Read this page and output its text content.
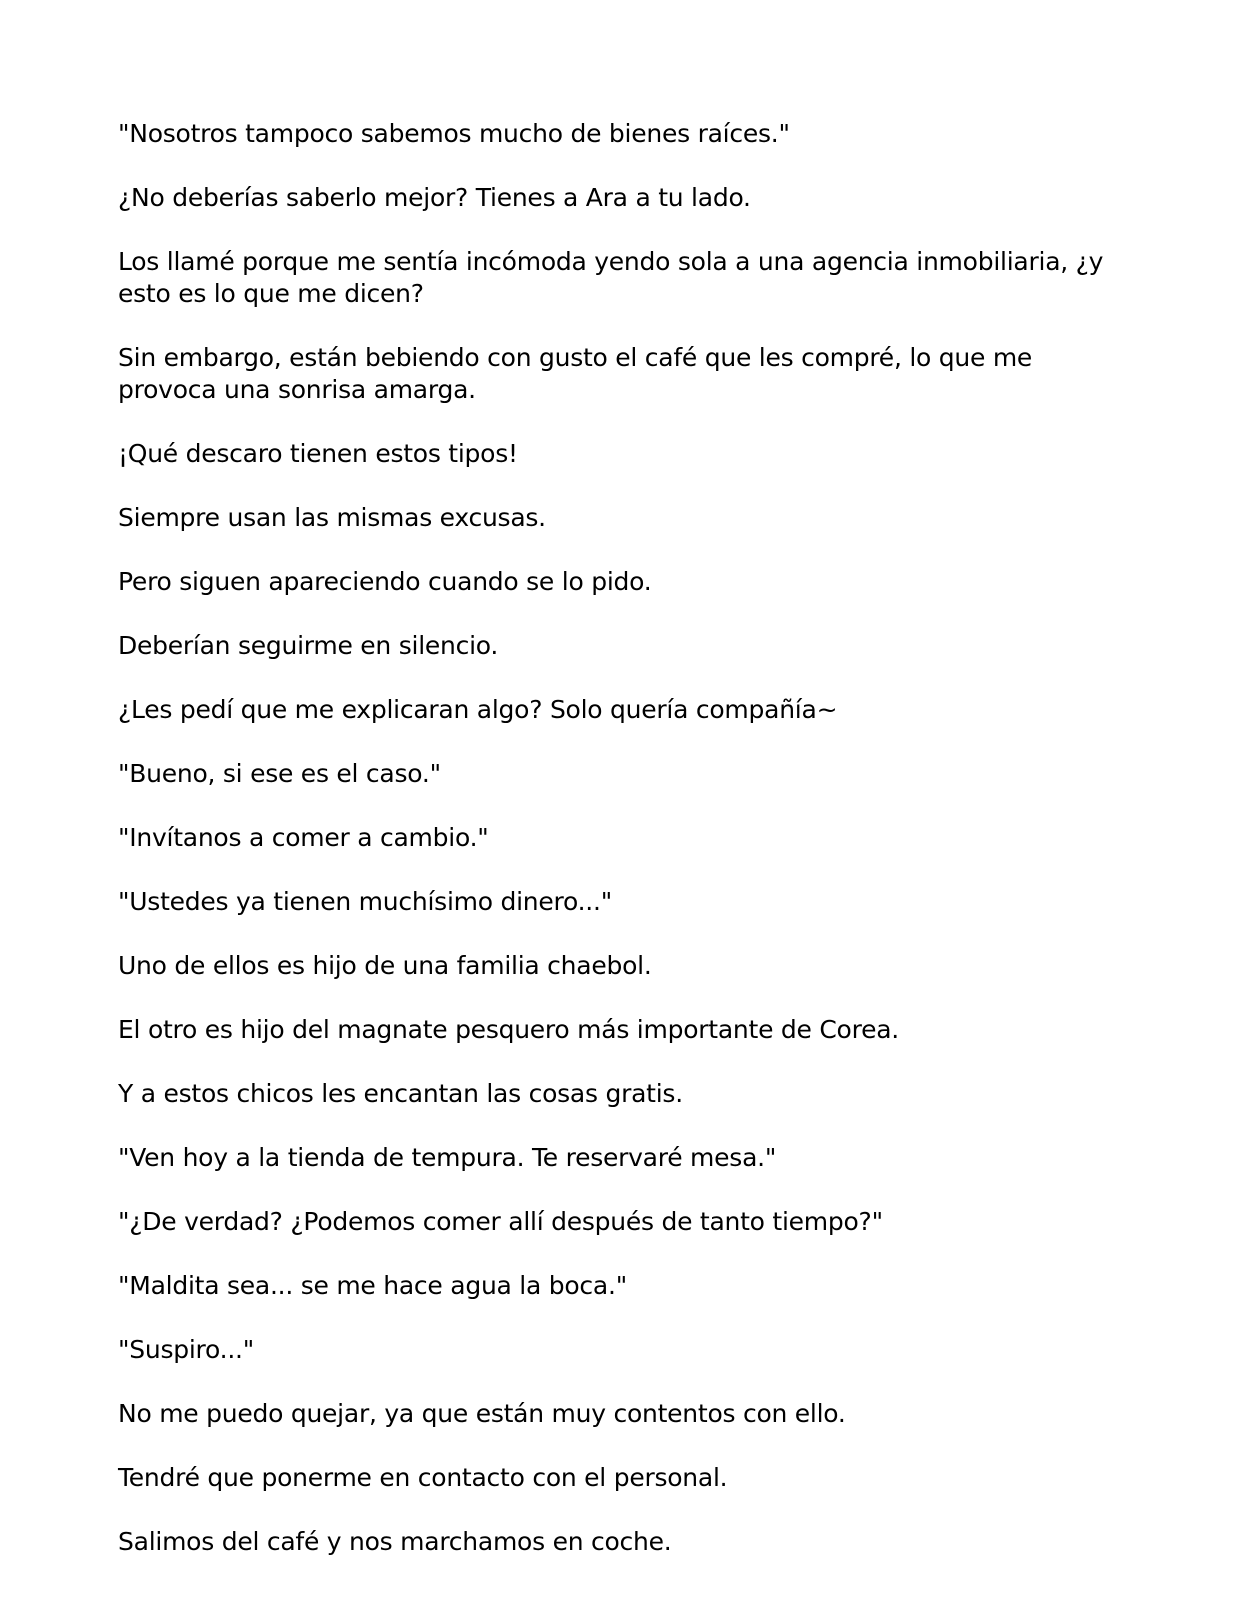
"Nosotros tampoco sabemos mucho de bienes raíces."

¿No deberías saberlo mejor? Tienes a Ara a tu lado.

Los llamé porque me sentía incómoda yendo sola a una agencia inmobiliaria, ¿y esto es lo que me dicen?

Sin embargo, están bebiendo con gusto el café que les compré, lo que me provoca una sonrisa amarga.

¡Qué descaro tienen estos tipos!

Siempre usan las mismas excusas.

Pero siguen apareciendo cuando se lo pido.

Deberían seguirme en silencio.

¿Les pedí que me explicaran algo? Solo quería compañía~

"Bueno, si ese es el caso."

"Invítanos a comer a cambio."

"Ustedes ya tienen muchísimo dinero..."

Uno de ellos es hijo de una familia chaebol.

El otro es hijo del magnate pesquero más importante de Corea.

Y a estos chicos les encantan las cosas gratis.

"Ven hoy a la tienda de tempura. Te reservaré mesa."

"¿De verdad? ¿Podemos comer allí después de tanto tiempo?"

"Maldita sea... se me hace agua la boca."

"Suspiro..."

No me puedo quejar, ya que están muy contentos con ello.

Tendré que ponerme en contacto con el personal.

Salimos del café y nos marchamos en coche.
